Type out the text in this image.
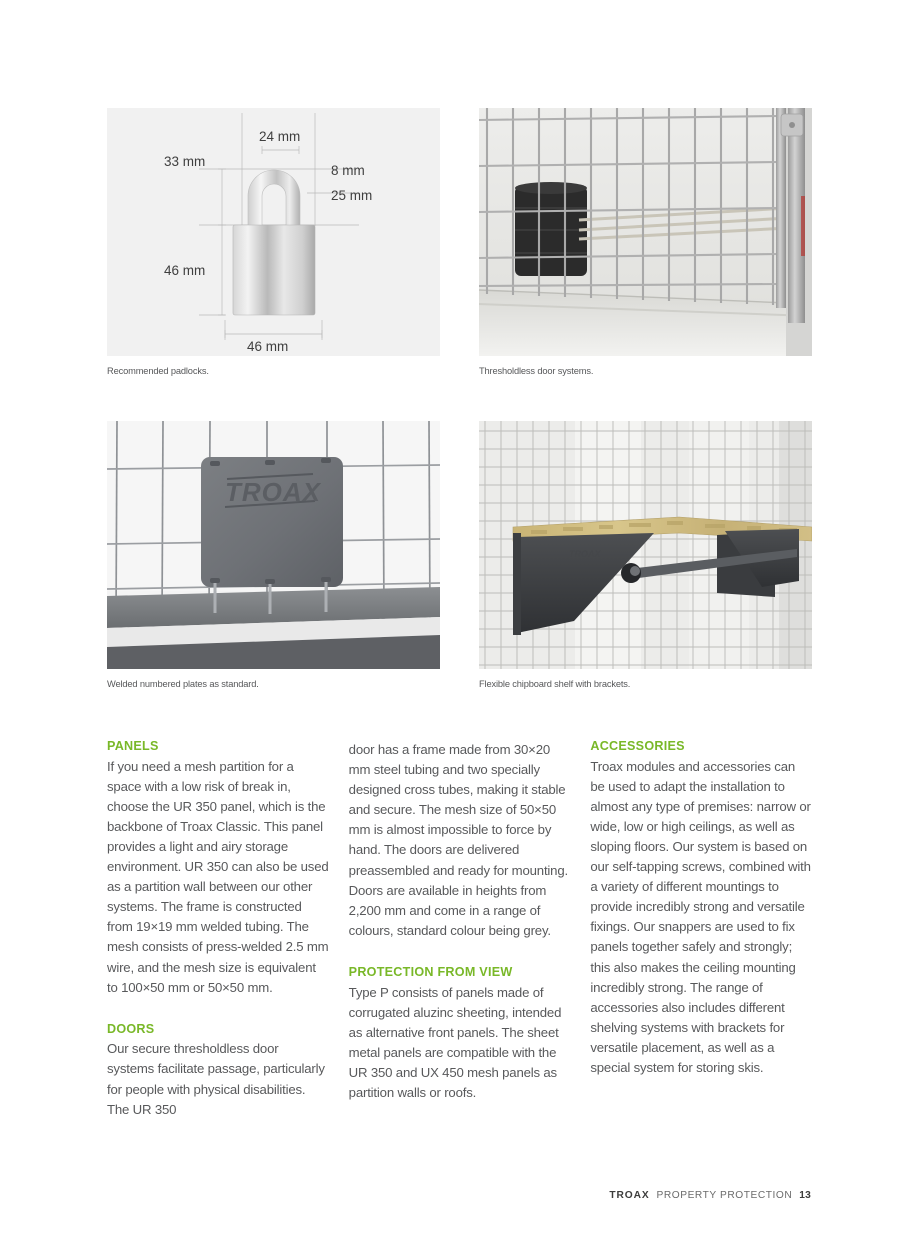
24 mm
33 mm
8 mm
25 mm
46 mm
46 mm
Recommended padlocks.	Thresholdless door systems.
TROAX
Welded numbered plates as standard.
TROAX
Flexible chipboard shelf with brackets.
PANELS

If you need a mesh partition for a space with a low risk of break in, choose the UR 350 panel, which is the backbone of Troax Classic. This panel provides a light and airy storage environment. UR 350 can also be used as a partition wall between our other systems. The frame is constructed from 19×19 mm welded tubing. The mesh consists of press-welded 2.5 mm wire, and the mesh size is equivalent to 100×50 mm or 50×50 mm.

DOORS

Our secure thresholdless door systems facilitate passage, particularly for people with physical disabilities. The UR 350

door has a frame made from 30×20 mm steel tubing and two specially designed cross tubes, making it stable and secure. The mesh size of 50×50 mm is almost impossible to force by hand. The doors are delivered preassembled and ready for mounting. Doors are available in heights from 2,200 mm and come in a range of colours, standard colour being grey.

PROTECTION FROM VIEW

Type P consists of panels made of corrugated aluzinc sheeting, intended as alternative front panels. The sheet metal panels are compatible with the UR 350 and UX 450 mesh panels as partition walls or roofs.

ACCESSORIES

Troax modules and accessories can be used to adapt the installation to almost any type of premises: narrow or wide, low or high ceilings, as well as sloping floors. Our system is based on our self-tapping screws, combined with a variety of different mountings to provide incredibly strong and versatile fixings. Our snappers are used to fix panels together safely and strongly; this also makes the ceiling mounting incredibly strong. The range of accessories also includes different shelving systems with brackets for versatile placement, as well as a special system for storing skis.

TROAX PROPERTY PROTECTION 13
